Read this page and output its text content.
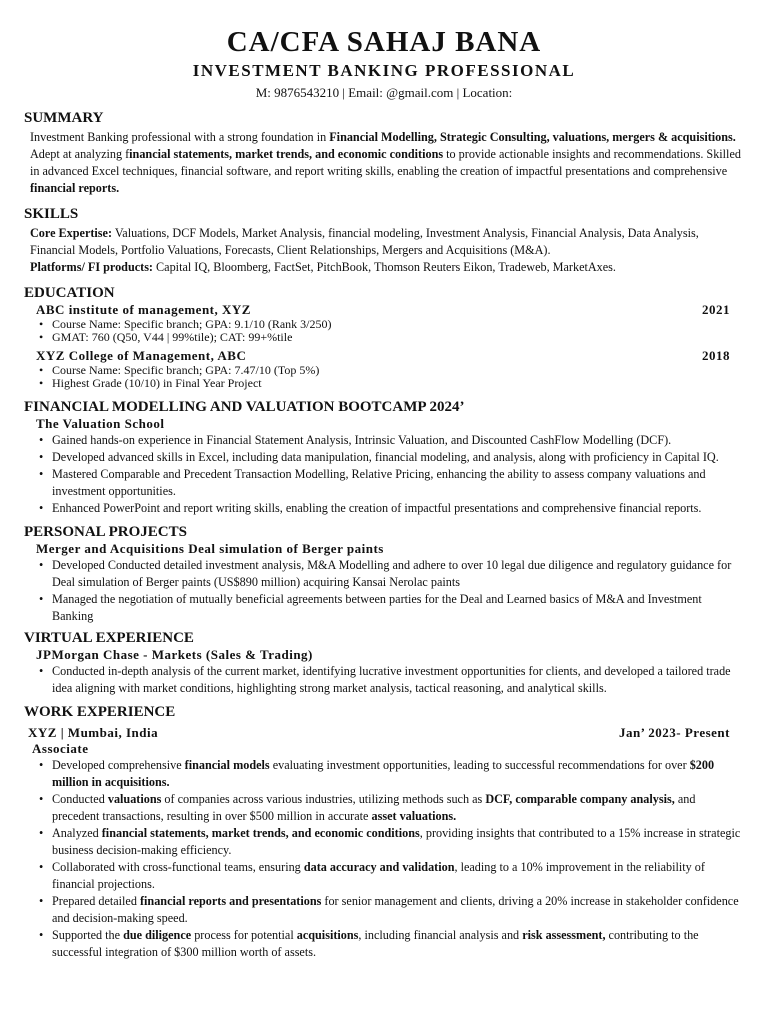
CA/CFA SAHAJ BANA
INVESTMENT BANKING PROFESSIONAL
M: 9876543210 | Email: @gmail.com | Location:
SUMMARY
Investment Banking professional with a strong foundation in Financial Modelling, Strategic Consulting, valuations, mergers & acquisitions. Adept at analyzing financial statements, market trends, and economic conditions to provide actionable insights and recommendations. Skilled in advanced Excel techniques, financial software, and report writing skills, enabling the creation of impactful presentations and comprehensive financial reports.
SKILLS
Core Expertise: Valuations, DCF Models, Market Analysis, financial modeling, Investment Analysis, Financial Analysis, Data Analysis, Financial Models, Portfolio Valuations, Forecasts, Client Relationships, Mergers and Acquisitions (M&A).
Platforms/ FI products: Capital IQ, Bloomberg, FactSet, PitchBook, Thomson Reuters Eikon, Tradeweb, MarketAxes.
EDUCATION
ABC institute of management, XYZ	2021
• Course Name: Specific branch; GPA: 9.1/10 (Rank 3/250)
• GMAT: 760 (Q50, V44 | 99%tile); CAT: 99+%tile
XYZ College of Management, ABC	2018
• Course Name: Specific branch; GPA: 7.47/10 (Top 5%)
• Highest Grade (10/10) in Final Year Project
FINANCIAL MODELLING AND VALUATION BOOTCAMP 2024’
The Valuation School
• Gained hands-on experience in Financial Statement Analysis, Intrinsic Valuation, and Discounted CashFlow Modelling (DCF).
• Developed advanced skills in Excel, including data manipulation, financial modeling, and analysis, along with proficiency in Capital IQ.
• Mastered Comparable and Precedent Transaction Modelling, Relative Pricing, enhancing the ability to assess company valuations and investment opportunities.
• Enhanced PowerPoint and report writing skills, enabling the creation of impactful presentations and comprehensive financial reports.
PERSONAL PROJECTS
Merger and Acquisitions Deal simulation of Berger paints
• Developed Conducted detailed investment analysis, M&A Modelling and adhere to over 10 legal due diligence and regulatory guidance for Deal simulation of Berger paints (US$890 million) acquiring Kansai Nerolac paints
• Managed the negotiation of mutually beneficial agreements between parties for the Deal and Learned basics of M&A and Investment Banking
VIRTUAL EXPERIENCE
JPMorgan Chase - Markets (Sales & Trading)
• Conducted in-depth analysis of the current market, identifying lucrative investment opportunities for clients, and developed a tailored trade idea aligning with market conditions, highlighting strong market analysis, tactical reasoning, and analytical skills.
WORK EXPERIENCE
XYZ | Mumbai, India	Jan’ 2023- Present
Associate
• Developed comprehensive financial models evaluating investment opportunities, leading to successful recommendations for over $200 million in acquisitions.
• Conducted valuations of companies across various industries, utilizing methods such as DCF, comparable company analysis, and precedent transactions, resulting in over $500 million in accurate asset valuations.
• Analyzed financial statements, market trends, and economic conditions, providing insights that contributed to a 15% increase in strategic business decision-making efficiency.
• Collaborated with cross-functional teams, ensuring data accuracy and validation, leading to a 10% improvement in the reliability of financial projections.
• Prepared detailed financial reports and presentations for senior management and clients, driving a 20% increase in stakeholder confidence and decision-making speed.
• Supported the due diligence process for potential acquisitions, including financial analysis and risk assessment, contributing to the successful integration of $300 million worth of assets.
